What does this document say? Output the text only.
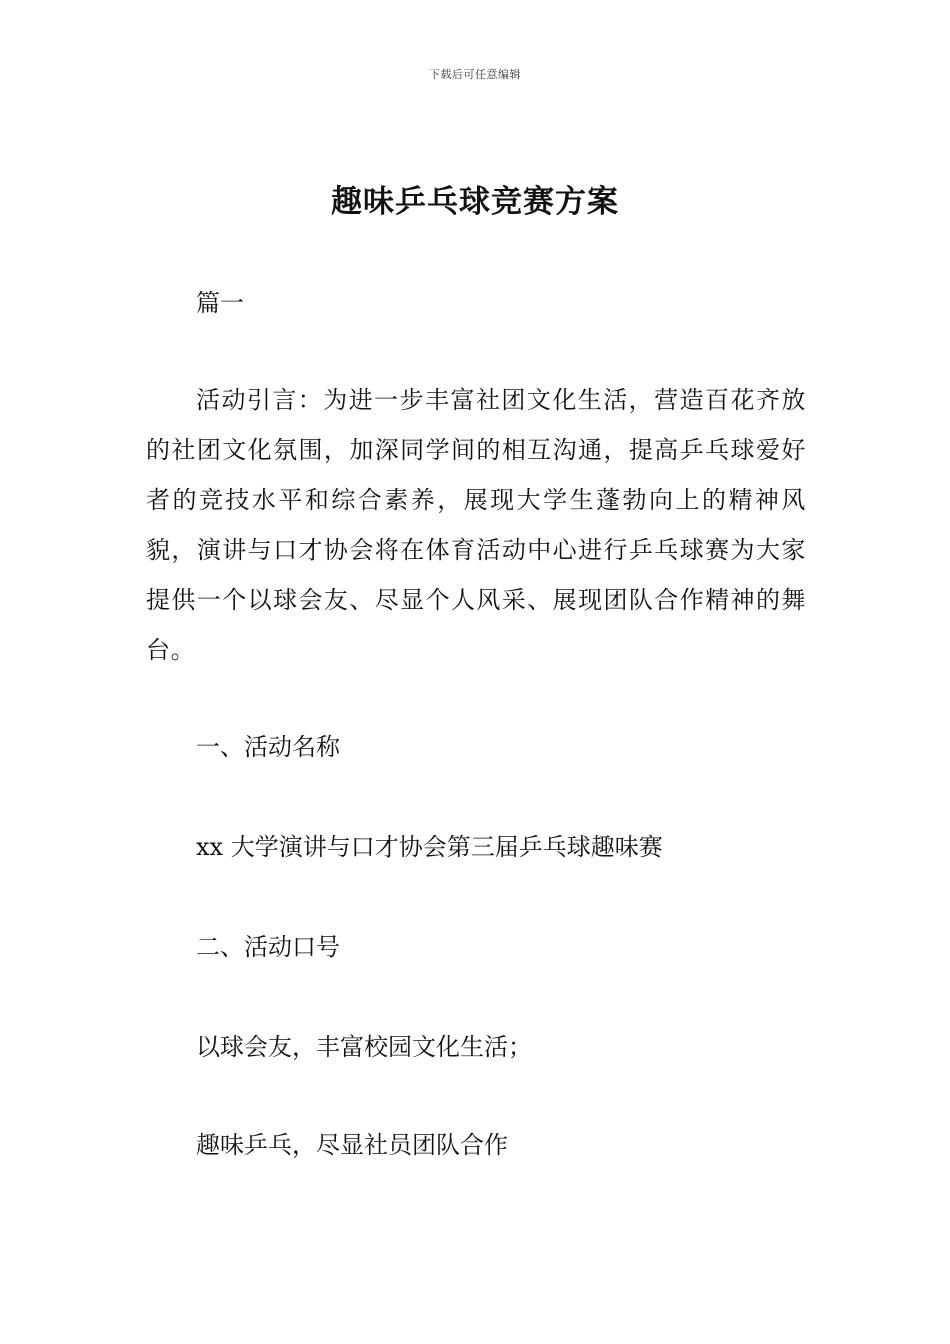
下载后可任意编辑
趣味乒乓球竞赛方案

篇一

活动引言：为进一步丰富社团文化生活，营造百花齐放的社团文化氛围，加深同学间的相互沟通，提高乒乓球爱好者的竞技水平和综合素养，展现大学生蓬勃向上的精神风貌，演讲与口才协会将在体育活动中心进行乒乓球赛为大家提供一个以球会友、尽显个人风采、展现团队合作精神的舞台。

一、活动名称

xx 大学演讲与口才协会第三届乒乓球趣味赛

二、活动口号

以球会友，丰富校园文化生活；

趣味乒乓，尽显社员团队合作
